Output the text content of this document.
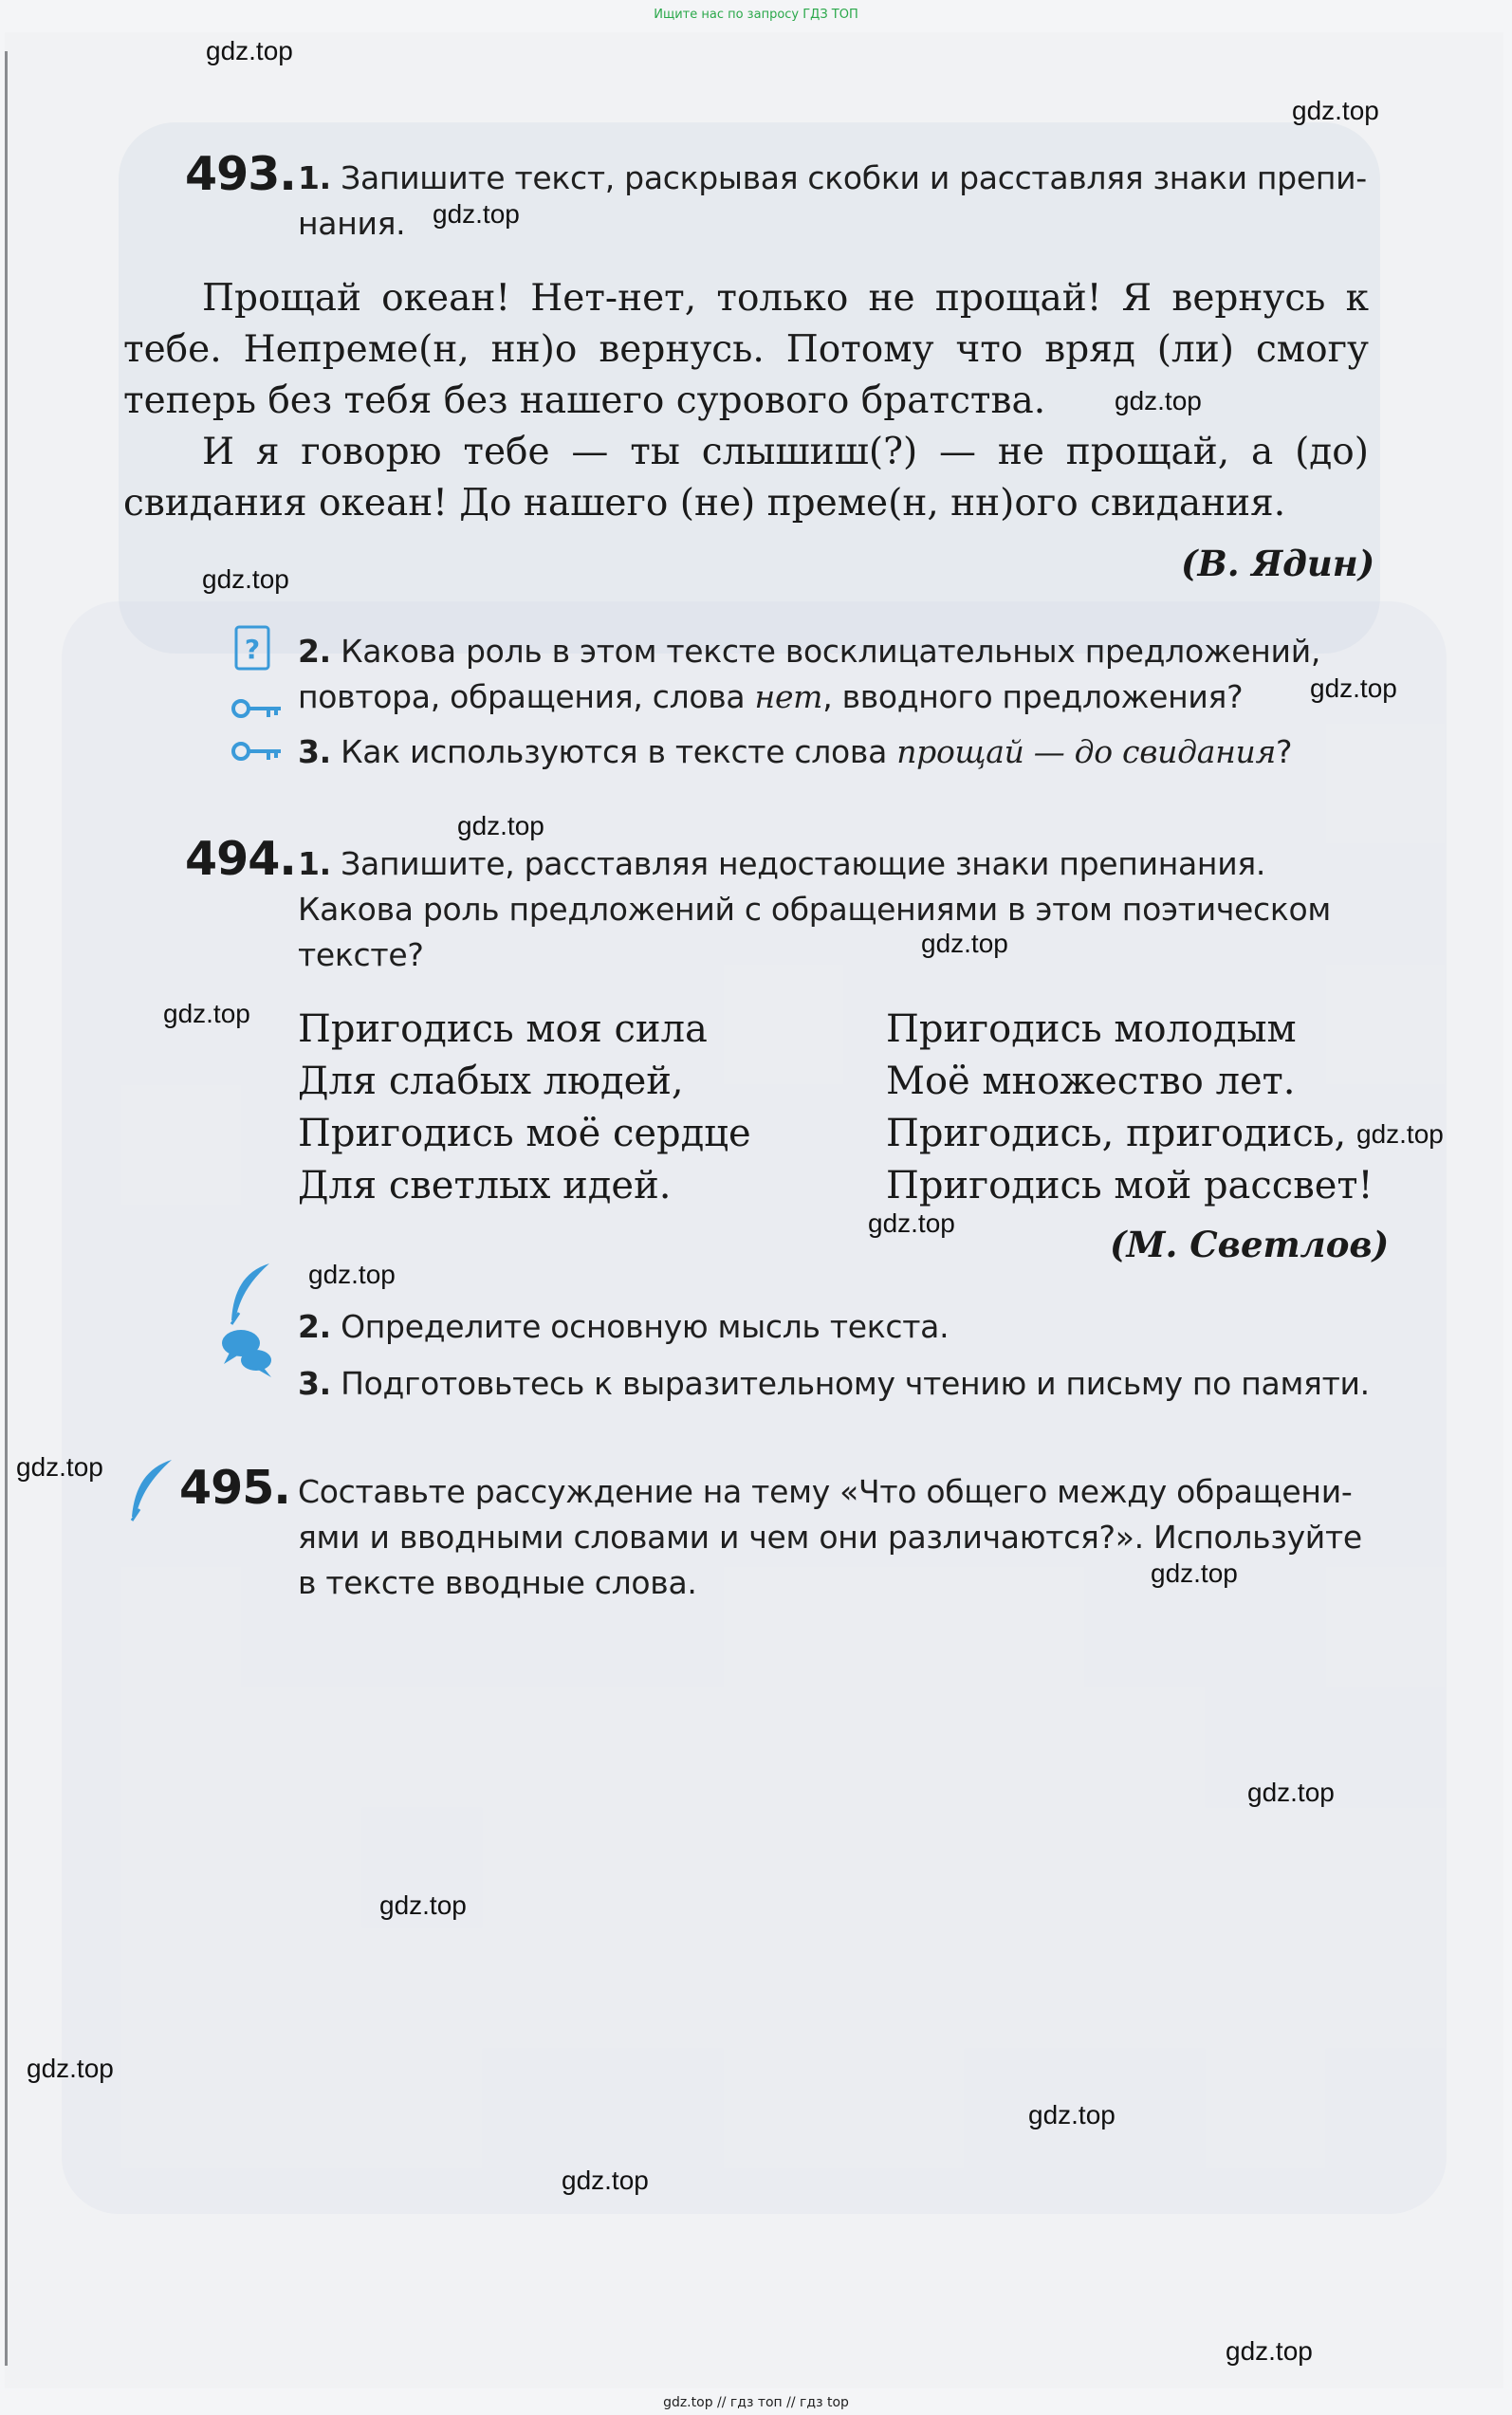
Ищите нас по запросу ГДЗ ТОП
gdz.top
gdz.top
gdz.top
gdz.top
gdz.top
gdz.top
gdz.top
gdz.top
gdz.top
gdz.top
gdz.top
gdz.top
gdz.top
gdz.top
gdz.top
gdz.top
gdz.top
gdz.top
gdz.top
gdz.top
493. 1. Запишите текст, раскрывая скобки и расставляя знаки препи-
нания.
Прощай океан! Нет-нет, только не прощай! Я вернусь к
тебе. Непреме(н, нн)о вернусь. Потому что вряд (ли) смогу
теперь без тебя без нашего сурового братства.
И я говорю тебе — ты слышиш(?) — не прощай, а (до)
свидания океан! До нашего (не) преме(н, нн)ого свидания.
(В. Ядин)
? 2. Какова роль в этом тексте восклицательных предложений,
повтора, обращения, слова нет, вводного предложения?
3. Как используются в тексте слова прощай — до свидания?
494. 1. Запишите, расставляя недостающие знаки препинания.
Какова роль предложений с обращениями в этом поэтическом
тексте?
Пригодись моя сила
Для слабых людей,
Пригодись моё сердце
Для светлых идей.
Пригодись молодым
Моё множество лет.
Пригодись, пригодись,
Пригодись мой рассвет!
(М. Светлов)
2. Определите основную мысль текста.
3. Подготовьтесь к выразительному чтению и письму по памяти.
495. Составьте рассуждение на тему «Что общего между обращени-
ями и вводными словами и чем они различаются?». Используйте
в тексте вводные слова.
gdz.top // гдз топ // гдз top
